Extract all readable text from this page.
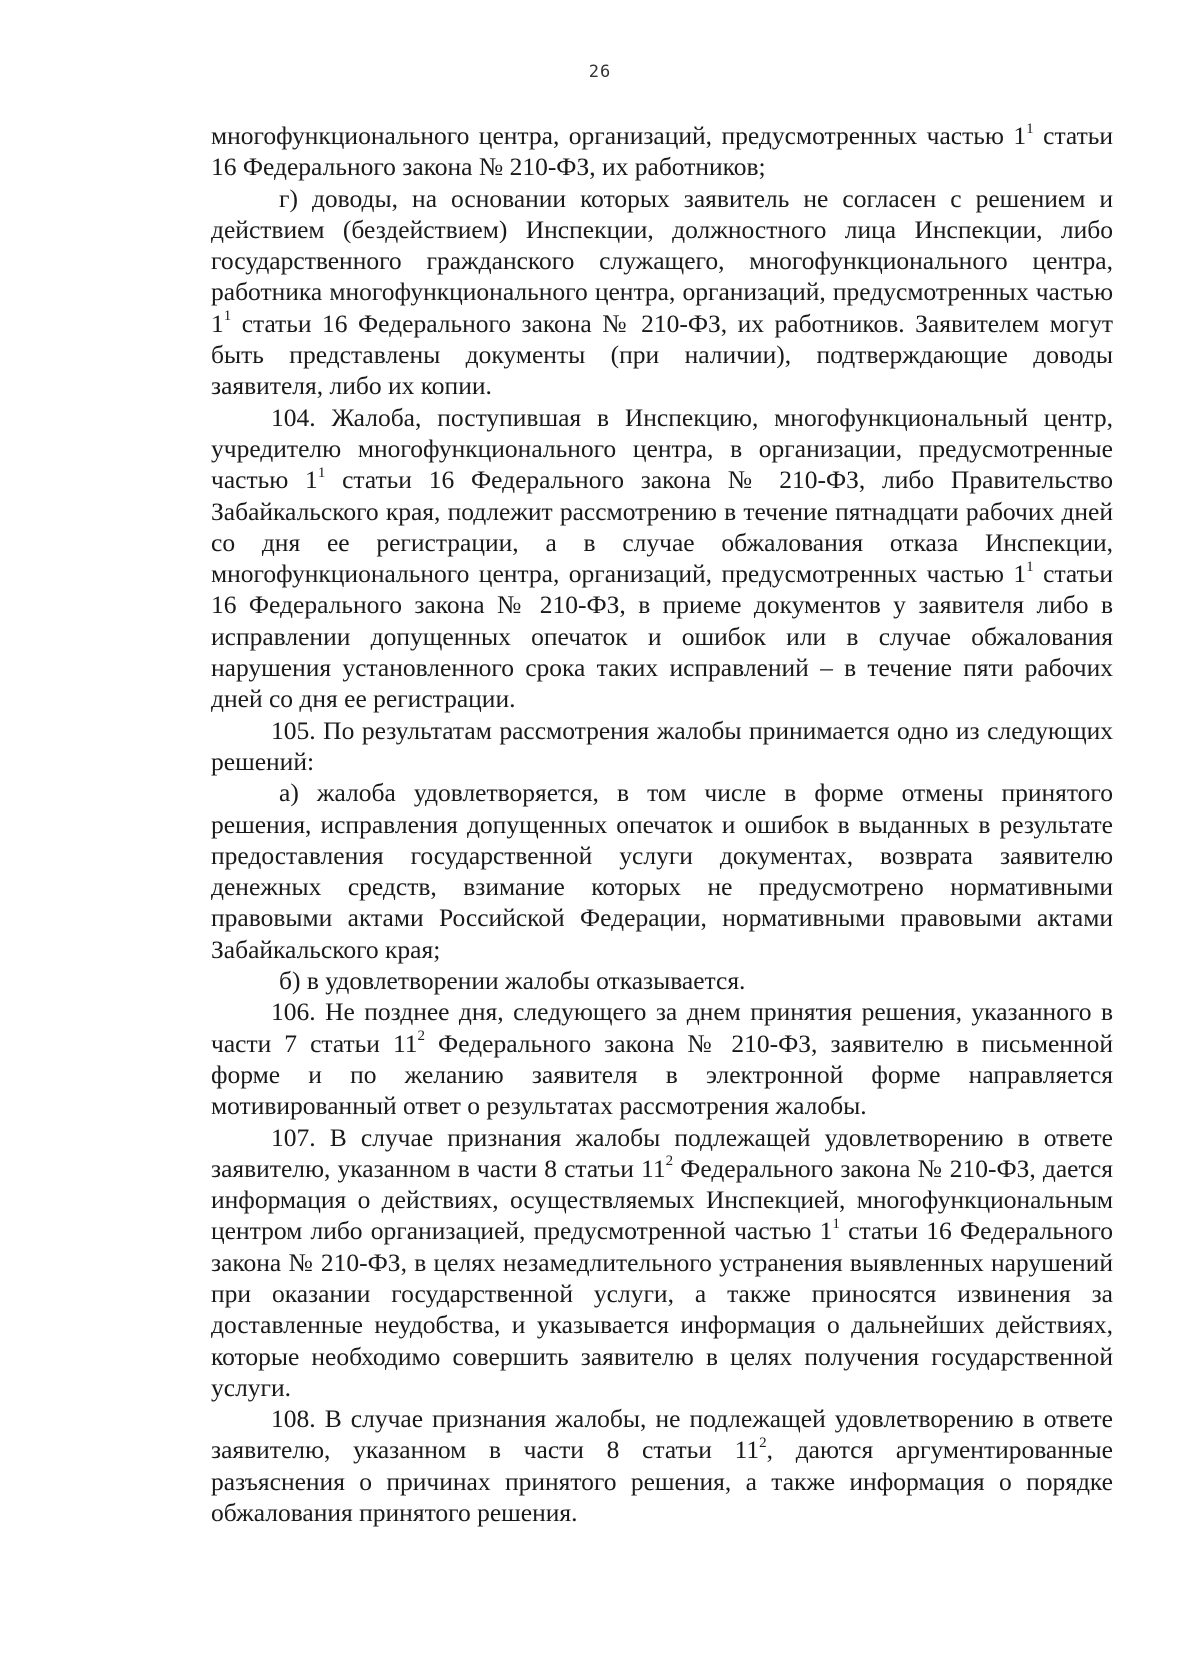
26

многофункционального центра, организаций, предусмотренных частью $1^1$ статьи 16 Федерального закона № 210-ФЗ, их работников;

г) доводы, на основании которых заявитель не согласен с решением и действием (бездействием) Инспекции, должностного лица Инспекции, либо государственного гражданского служащего, многофункционального центра, работника многофункционального центра, организаций, предусмотренных частью $1^1$ статьи 16 Федерального закона № 210-ФЗ, их работников. Заявителем могут быть представлены документы (при наличии), подтверждающие доводы заявителя, либо их копии.

104. Жалоба, поступившая в Инспекцию, многофункциональный центр, учредителю многофункционального центра, в организации, предусмотренные частью $1^1$ статьи 16 Федерального закона № 210-ФЗ, либо Правительство Забайкальского края, подлежит рассмотрению в течение пятнадцати рабочих дней со дня ее регистрации, а в случае обжалования отказа Инспекции, многофункционального центра, организаций, предусмотренных частью $1^1$ статьи 16 Федерального закона № 210-ФЗ, в приеме документов у заявителя либо в исправлении допущенных опечаток и ошибок или в случае обжалования нарушения установленного срока таких исправлений – в течение пяти рабочих дней со дня ее регистрации.

105. По результатам рассмотрения жалобы принимается одно из следующих решений:

а) жалоба удовлетворяется, в том числе в форме отмены принятого решения, исправления допущенных опечаток и ошибок в выданных в результате предоставления государственной услуги документах, возврата заявителю денежных средств, взимание которых не предусмотрено нормативными правовыми актами Российской Федерации, нормативными правовыми актами Забайкальского края;

б) в удовлетворении жалобы отказывается.

106. Не позднее дня, следующего за днем принятия решения, указанного в части 7 статьи $11^2$ Федерального закона № 210-ФЗ, заявителю в письменной форме и по желанию заявителя в электронной форме направляется мотивированный ответ о результатах рассмотрения жалобы.

107. В случае признания жалобы подлежащей удовлетворению в ответе заявителю, указанном в части 8 статьи $11^2$ Федерального закона № 210-ФЗ, дается информация о действиях, осуществляемых Инспекцией, многофункциональным центром либо организацией, предусмотренной частью $1^1$ статьи 16 Федерального закона № 210-ФЗ, в целях незамедлительного устранения выявленных нарушений при оказании государственной услуги, а также приносятся извинения за доставленные неудобства, и указывается информация о дальнейших действиях, которые необходимо совершить заявителю в целях получения государственной услуги.

108. В случае признания жалобы, не подлежащей удовлетворению в ответе заявителю, указанном в части 8 статьи $11^2$, даются аргументированные разъяснения о причинах принятого решения, а также информация о порядке обжалования принятого решения.
